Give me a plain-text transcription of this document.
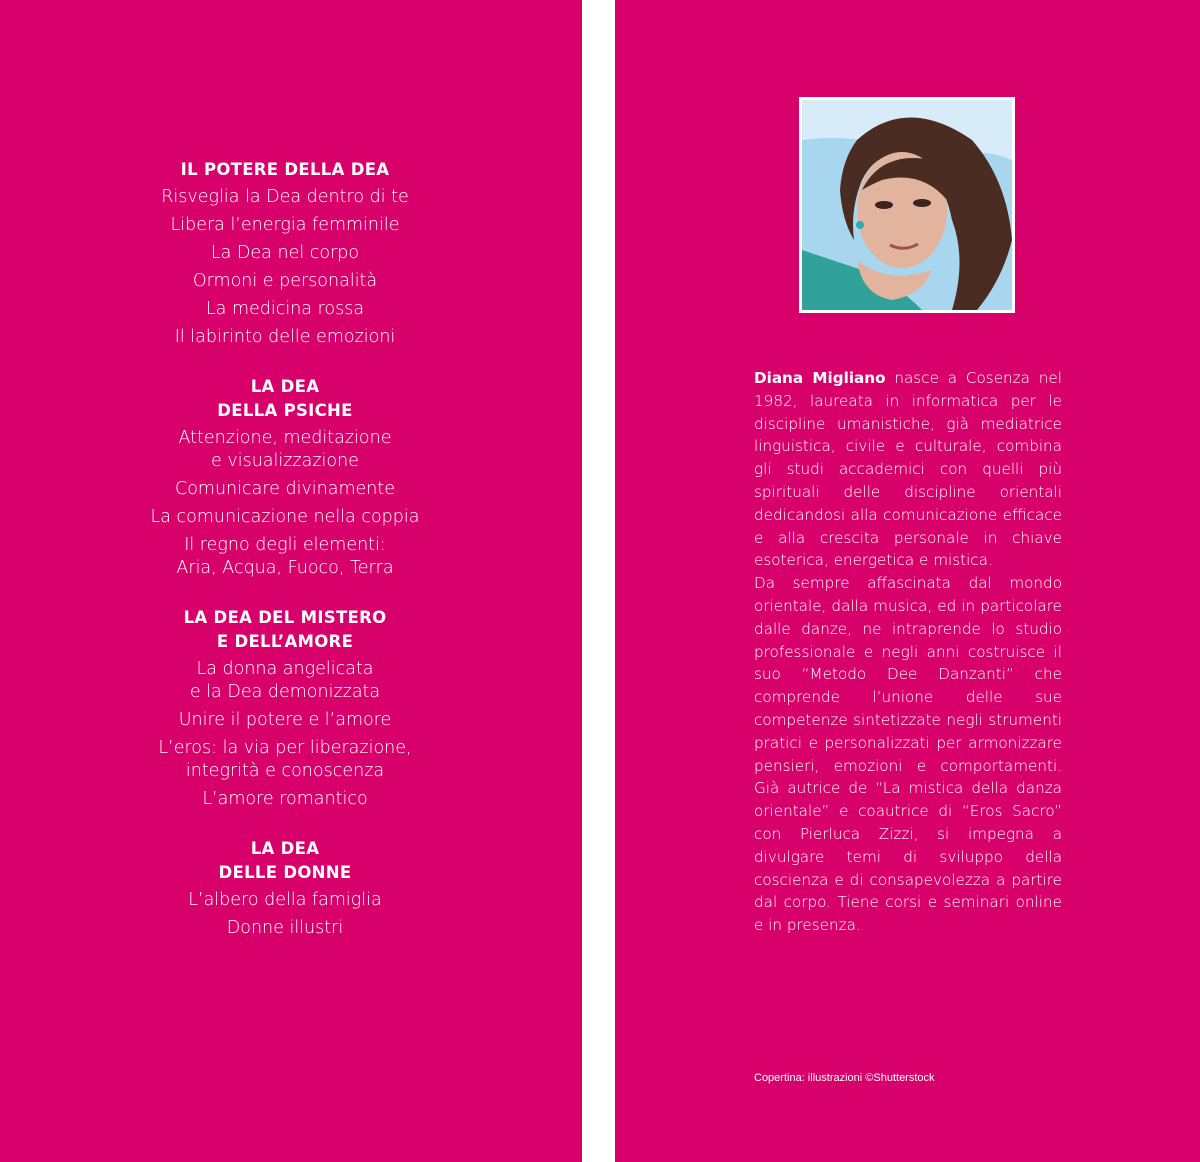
IL POTERE DELLA DEA
Risveglia la Dea dentro di te
Libera l’energia femminile
La Dea nel corpo
Ormoni e personalità
La medicina rossa
Il labirinto delle emozioni
LA DEA
DELLA PSICHE
Attenzione, meditazione
e visualizzazione
Comunicare divinamente
La comunicazione nella coppia
Il regno degli elementi:
Aria, Acqua, Fuoco, Terra
LA DEA DEL MISTERO
E DELL’AMORE
La donna angelicata
e la Dea demonizzata
Unire il potere e l’amore
L’eros: la via per liberazione,
integrità e conoscenza
L’amore romantico
LA DEA
DELLE DONNE
L’albero della famiglia
Donne illustri

Diana Migliano nasce a Cosenza nel 1982, laureata in informatica per le discipline umanistiche, già mediatrice linguistica, civile e culturale, combina gli studi accademici con quelli più spirituali delle discipline orientali dedicandosi alla comunicazione efficace e alla crescita personale in chiave esoterica, energetica e mistica.

Da sempre affascinata dal mondo orientale, dalla musica, ed in particolare dalle danze, ne intraprende lo studio professionale e negli anni costruisce il suo “Metodo Dee Danzanti” che comprende l’unione delle sue competenze sintetizzate negli strumenti pratici e personalizzati per armonizzare pensieri, emozioni e comportamenti. Già autrice de “La mistica della danza orientale” e coautrice di “Eros Sacro” con Pierluca Zizzi, si impegna a divulgare temi di sviluppo della coscienza e di consapevolezza a partire dal corpo. Tiene corsi e seminari online e in presenza.

Copertina: illustrazioni ©Shutterstock
